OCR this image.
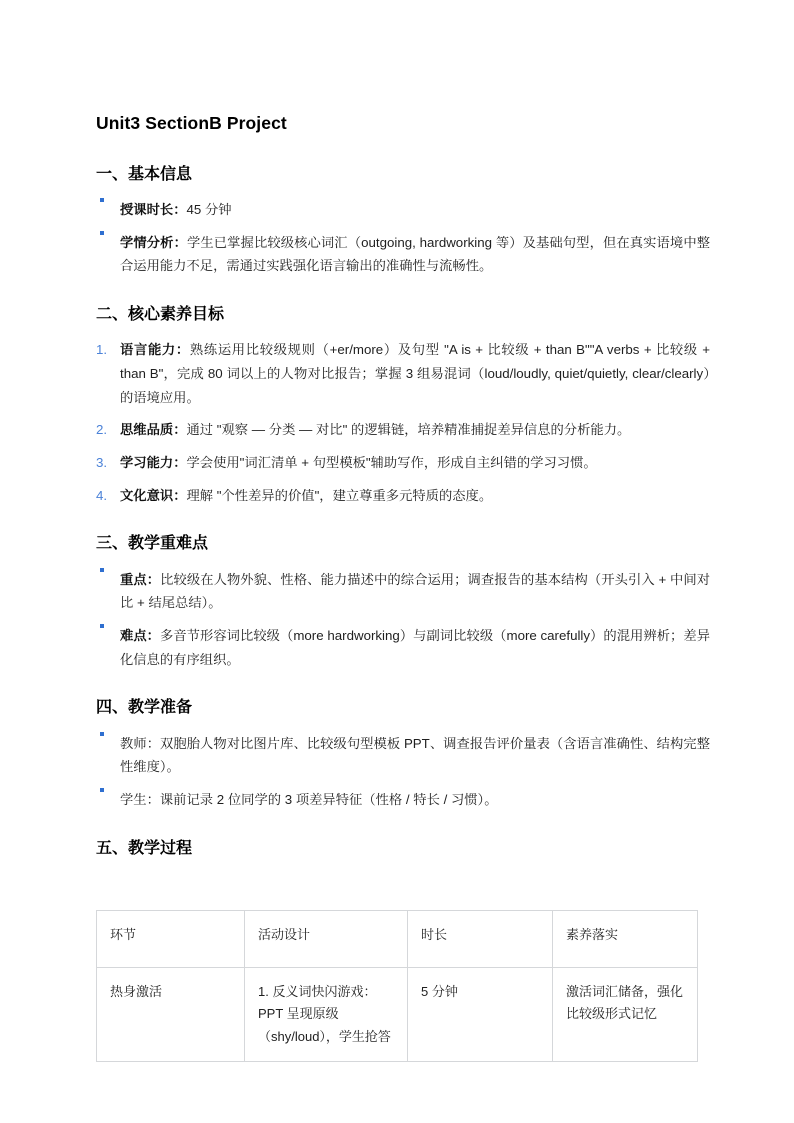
Unit3 SectionB Project
一、基本信息
授课时长：45 分钟
学情分析：学生已掌握比较级核心词汇（outgoing, hardworking 等）及基础句型，但在真实语境中整合运用能力不足，需通过实践强化语言输出的准确性与流畅性。
二、核心素养目标
1. 语言能力：熟练运用比较级规则（+er/more）及句型 "A is + 比较级 + than B""A verbs + 比较级 + than B"，完成 80 词以上的人物对比报告；掌握 3 组易混词（loud/loudly, quiet/quietly, clear/clearly）的语境应用。
2. 思维品质：通过 "观察 — 分类 — 对比" 的逻辑链，培养精准捕捉差异信息的分析能力。
3. 学习能力：学会使用"词汇清单 + 句型模板"辅助写作，形成自主纠错的学习习惯。
4. 文化意识：理解 "个性差异的价值"，建立尊重多元特质的态度。
三、教学重难点
重点：比较级在人物外貌、性格、能力描述中的综合运用；调查报告的基本结构（开头引入 + 中间对比 + 结尾总结）。
难点：多音节形容词比较级（more hardworking）与副词比较级（more carefully）的混用辨析；差异化信息的有序组织。
四、教学准备
教师：双胞胎人物对比图片库、比较级句型模板 PPT、调查报告评价量表（含语言准确性、结构完整性维度）。
学生：课前记录 2 位同学的 3 项差异特征（性格 / 特长 / 习惯）。
五、教学过程
环节	活动设计	时长	素养落实
热身激活	1. 反义词快闪游戏：PPT 呈现原级（shy/loud），学生抢答	5 分钟	激活词汇储备，强化比较级形式记忆
